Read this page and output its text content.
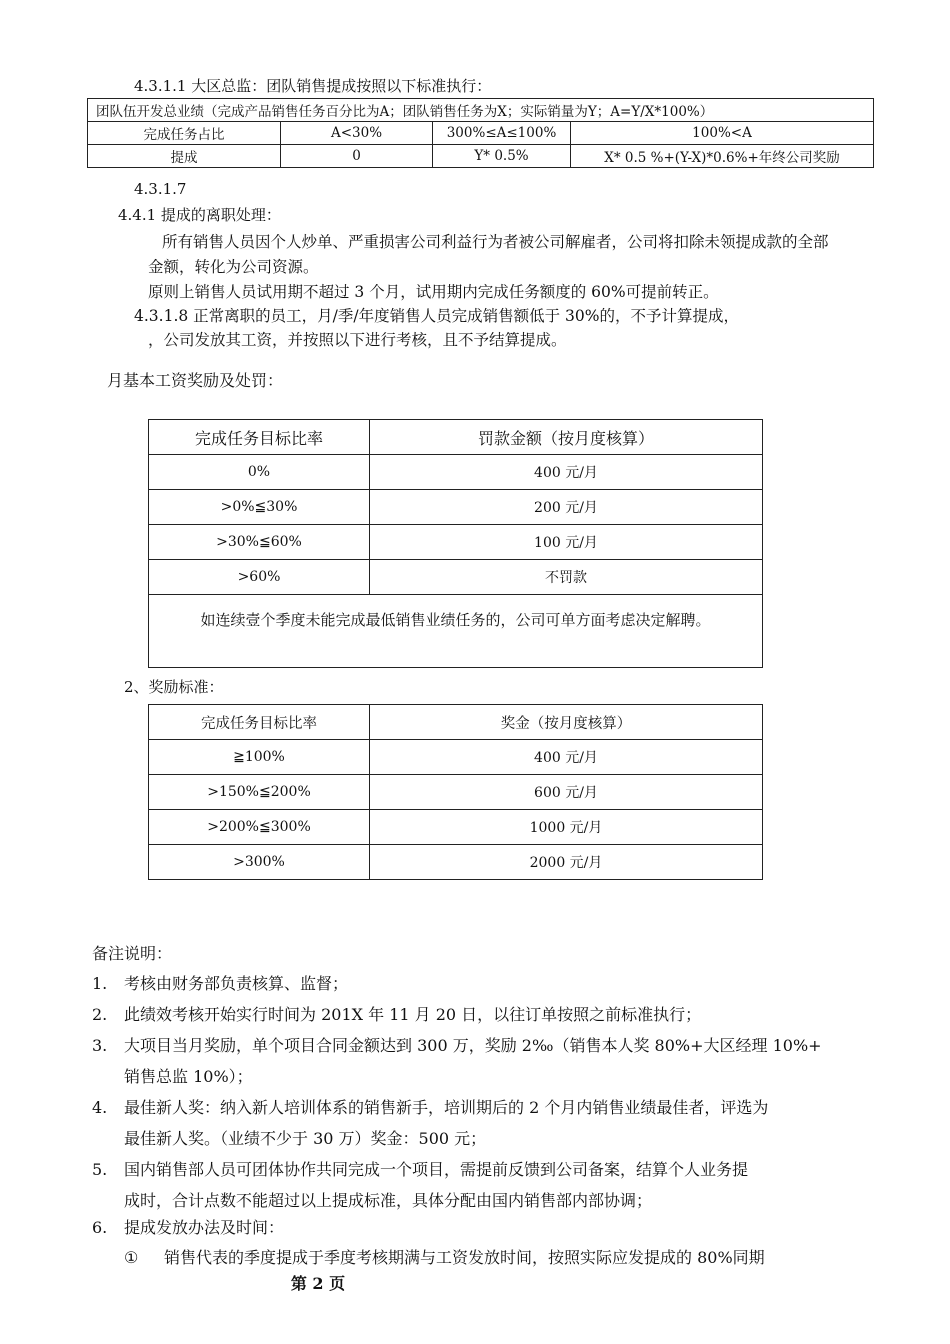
4.3.1.1 大区总监：团队销售提成按照以下标准执行：
团队伍开发总业绩（完成产品销售任务百分比为A；团队销售任务为X；实际销量为Y；A=Y/X*100%）			
完成任务占比	A<30%	300%≤A≤100%	100%<A
提成	0	Y* 0.5%	X* 0.5 %+(Y-X)*0.6%+年终公司奖励
4.3.1.7
4.4.1 提成的离职处理：
所有销售人员因个人炒单、严重损害公司利益行为者被公司解雇者，公司将扣除未领提成款的全部
金额，转化为公司资源。
原则上销售人员试用期不超过 3 个月，试用期内完成任务额度的 60%可提前转正。
4.3.1.8 正常离职的员工，月/季/年度销售人员完成销售额低于 30%的，不予计算提成，
，公司发放其工资，并按照以下进行考核，且不予结算提成。
月基本工资奖励及处罚：
完成任务目标比率	罚款金额（按月度核算）
0%	400 元/月
>0%≦30%	200 元/月
>30%≦60%	100 元/月
>60%	不罚款
如连续壹个季度未能完成最低销售业绩任务的，公司可单方面考虑决定解聘。	
2、奖励标准：
完成任务目标比率	奖金（按月度核算）
≧100%	400 元/月
>150%≦200%	600 元/月
>200%≦300%	1000 元/月
>300%	2000 元/月
备注说明：
1. 考核由财务部负责核算、监督；
2. 此绩效考核开始实行时间为 201X 年 11 月 20 日，以往订单按照之前标准执行；
3. 大项目当月奖励，单个项目合同金额达到 300 万，奖励 2‰（销售本人奖 80%+大区经理 10%+
销售总监 10%）；
4. 最佳新人奖：纳入新人培训体系的销售新手，培训期后的 2 个月内销售业绩最佳者，评选为
最佳新人奖。（业绩不少于 30 万）奖金：500 元；
5. 国内销售部人员可团体协作共同完成一个项目，需提前反馈到公司备案，结算个人业务提
成时，合计点数不能超过以上提成标准，具体分配由国内销售部内部协调；
6. 提成发放办法及时间：
① 销售代表的季度提成于季度考核期满与工资发放时间，按照实际应发提成的 80%同期
第 2 页
